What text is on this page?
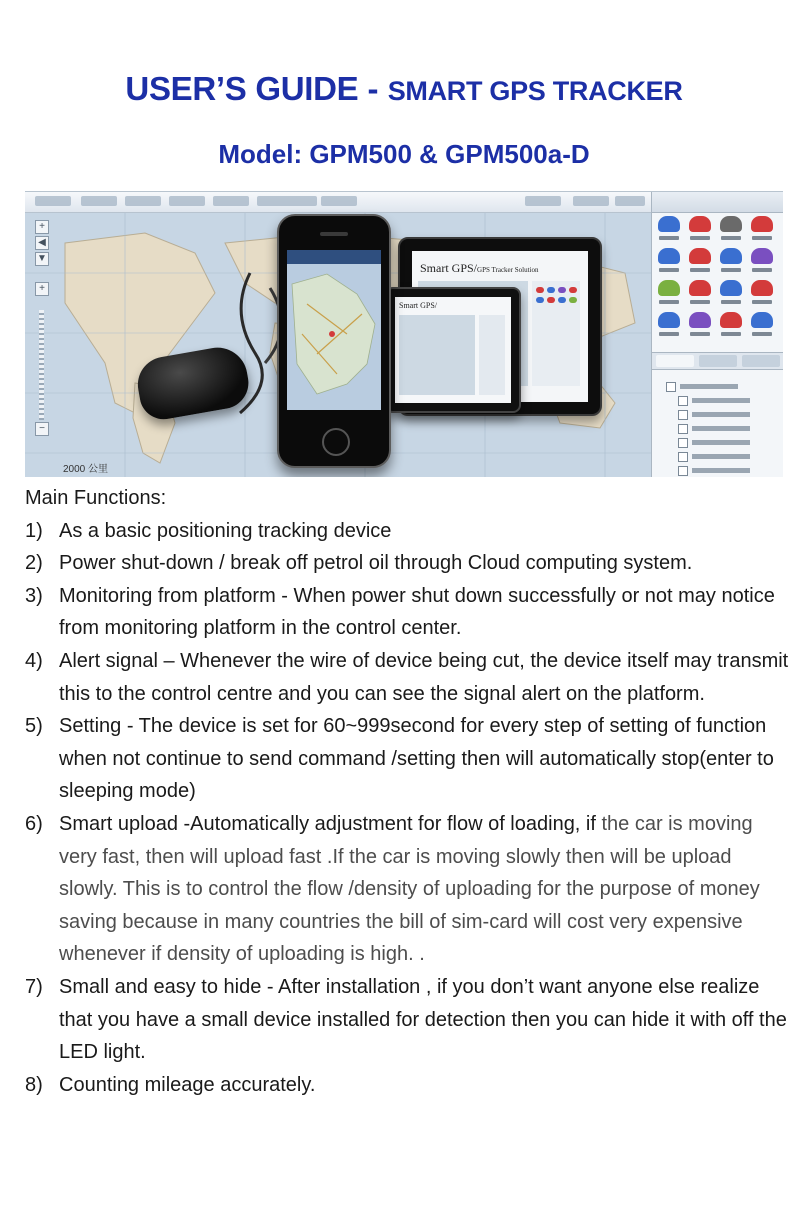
USER’S GUIDE - SMART GPS TRACKER
Model: GPM500 & GPM500a-D
+
◀
▼
+
−
2000 公里
Smart GPS/GPS Tracker Solution
Smart GPS/
Main Functions:
1) As a basic positioning tracking device
2) Power shut-down / break off petrol oil through Cloud computing system.
3) Monitoring from platform - When power shut down successfully or not may notice from monitoring platform in the control center.
4) Alert signal – Whenever the wire of device being cut, the device itself may transmit this to the control centre and you can see the signal alert on the platform.
5) Setting - The device is set for 60~999second for every step of setting of function when not continue to send command /setting then will automatically stop(enter to sleeping mode)
6) Smart upload -Automatically adjustment for flow of loading, if the car is moving very fast, then will upload fast .If the car is moving slowly then will be upload slowly. This is to control the flow /density of uploading for the purpose of money saving because in many countries the bill of sim-card will cost very expensive whenever if density of uploading is high. .
7) Small and easy to hide - After installation , if you don’t want anyone else realize that you have a small device installed for detection then you can hide it with off the LED light.
8) Counting mileage accurately.
